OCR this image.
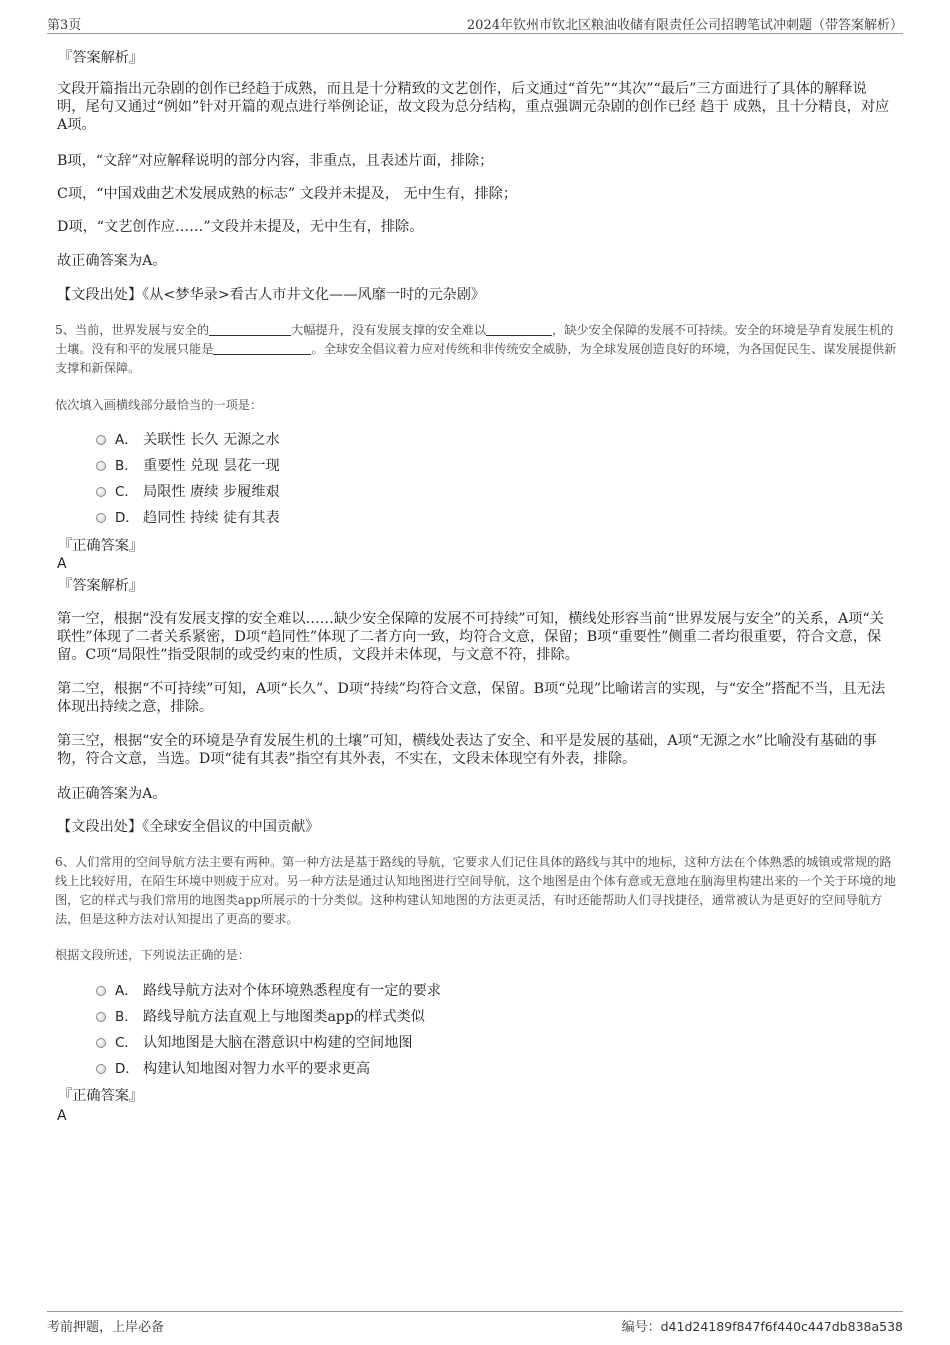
第3页	2024年钦州市钦北区粮油收储有限责任公司招聘笔试冲刺题（带答案解析）
『答案解析』
文段开篇指出元杂剧的创作已经趋于成熟，而且是十分精致的文艺创作，后文通过“首先”“其次”“最后”三方面进行了具体的解释说明，尾句又通过“例如”针对开篇的观点进行举例论证，故文段为总分结构，重点强调元杂剧的创作已经 趋于 成熟，且十分精良，对应A项。
B项，“文辞”对应解释说明的部分内容，非重点，且表述片面，排除；
C项，“中国戏曲艺术发展成熟的标志” 文段并未提及， 无中生有，排除；
D项，“文艺创作应……”文段并未提及，无中生有，排除。
故正确答案为A。
【文段出处】《从<梦华录>看古人市井文化——风靡一时的元杂剧》
5、当前，世界发展与安全的	大幅提升，没有发展支撑的安全难以	，缺少安全保障的发展不可持续。安全的环境是孕育发展生机的土壤。没有和平的发展只能是	。全球安全倡议着力应对传统和非传统安全威胁，为全球发展创造良好的环境，为各国促民生、谋发展提供新支撑和新保障。
依次填入画横线部分最恰当的一项是：
A． 关联性 长久 无源之水
B． 重要性 兑现 昙花一现
C． 局限性 赓续 步履维艰
D． 趋同性 持续 徒有其表
『正确答案』
A
『答案解析』
第一空，根据“没有发展支撑的安全难以……缺少安全保障的发展不可持续”可知，横线处形容当前“世界发展与安全”的关系，A项“关联性”体现了二者关系紧密，D项“趋同性”体现了二者方向一致，均符合文意，保留；B项“重要性”侧重二者均很重要，符合文意，保留。C项“局限性”指受限制的或受约束的性质，文段并未体现，与文意不符，排除。
第二空，根据“不可持续”可知，A项“长久”、D项“持续”均符合文意，保留。B项“兑现”比喻诺言的实现，与“安全”搭配不当，且无法体现出持续之意，排除。
第三空，根据“安全的环境是孕育发展生机的土壤”可知，横线处表达了安全、和平是发展的基础，A项“无源之水”比喻没有基础的事物，符合文意，当选。D项“徒有其表”指空有其外表，不实在，文段未体现空有外表，排除。
故正确答案为A。
【文段出处】《全球安全倡议的中国贡献》
6、人们常用的空间导航方法主要有两种。第一种方法是基于路线的导航，它要求人们记住具体的路线与其中的地标，这种方法在个体熟悉的城镇或常规的路线上比较好用，在陌生环境中则疲于应对。另一种方法是通过认知地图进行空间导航，这个地图是由个体有意或无意地在脑海里构建出来的一个关于环境的地图，它的样式与我们常用的地图类app所展示的十分类似。这种构建认知地图的方法更灵活，有时还能帮助人们寻找捷径，通常被认为是更好的空间导航方法，但是这种方法对认知提出了更高的要求。
根据文段所述，下列说法正确的是：
A． 路线导航方法对个体环境熟悉程度有一定的要求
B． 路线导航方法直观上与地图类app的样式类似
C． 认知地图是大脑在潜意识中构建的空间地图
D． 构建认知地图对智力水平的要求更高
『正确答案』
A
考前押题，上岸必备	编号：d41d24189f847f6f440c447db838a538
